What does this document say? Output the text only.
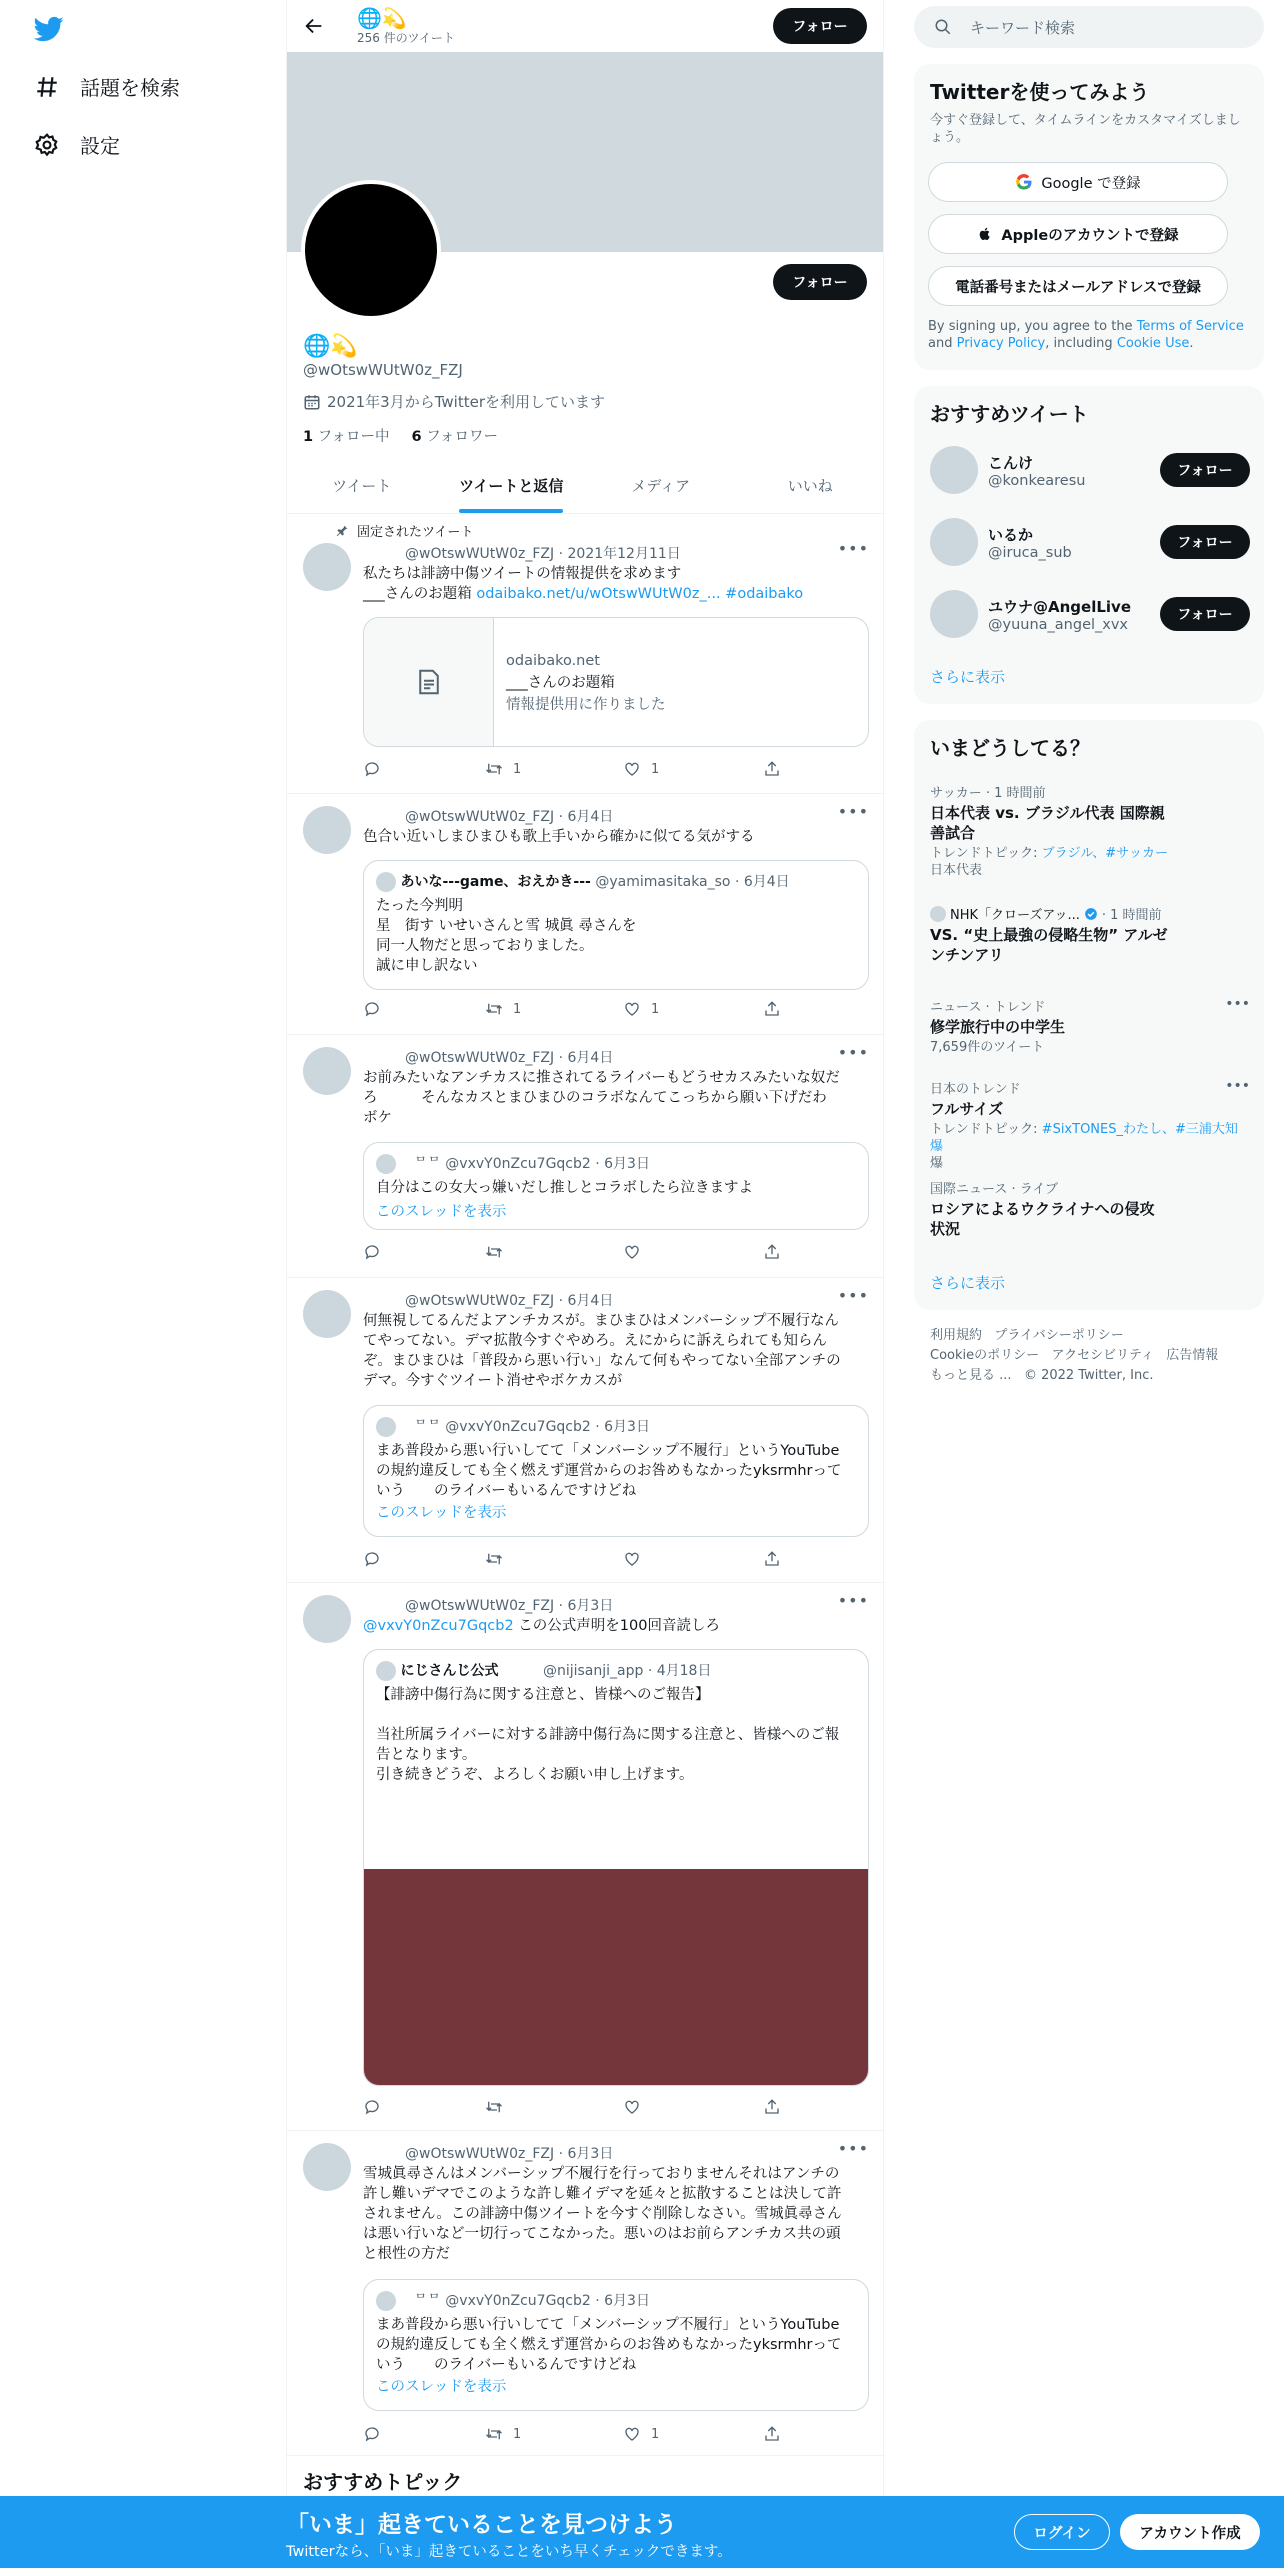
話題を検索
設定
🌐💫
256 件のツイート
フォロー
フォロー
🌐💫
@wOtswWUtW0z_FZJ
2021年3月からTwitterを利用しています
1 フォロー中 6 フォロワー
ツイート	ツイートと返信	メディア	いいね
固定されたツイート
@wOtswWUtW0z_FZJ · 2021年12月11日	•••
私たちは誹謗中傷ツイートの情報提供を求めます
___さんのお題箱 odaibako.net/u/wOtswWUtW0z_... #odaibako
odaibako.net
___さんのお題箱
情報提供用に作りました
1	1
@wOtswWUtW0z_FZJ · 6月4日	•••
色合い近いしまひまひも歌上手いから確かに似てる気がする
あいな---game、おえかき--- @yamimasitaka_so · 6月4日
たった今判明
星　街す いせいさんと雪 城眞 尋さんを
同一人物だと思っておりました。
誠に申し訳ない
1	1
@wOtswWUtW0z_FZJ · 6月4日	•••
お前みたいなアンチカスに推されてるライバーもどうせカスみたいな奴だ
ろ　　　そんなカスとまひまひのコラボなんてこっちから願い下げだわ
ボケ
ᄆᄆ @vxvY0nZcu7Gqcb2 · 6月3日
自分はこの女大っ嫌いだし推しとコラボしたら泣きますよ
このスレッドを表示
@wOtswWUtW0z_FZJ · 6月4日	•••
何無視してるんだよアンチカスが。まひまひはメンバーシップ不履行なん
てやってない。デマ拡散今すぐやめろ。えにからに訴えられても知らん
ぞ。まひまひは「普段から悪い行い」なんて何もやってない全部アンチの
デマ。今すぐツイート消せやボケカスが
ᄆᄆ @vxvY0nZcu7Gqcb2 · 6月3日
まあ普段から悪い行いしてて「メンバーシップ不履行」というYouTube
の規約違反しても全く燃えず運営からのお咎めもなかったyksrmhrって
いう　　のライバーもいるんですけどね
このスレッドを表示
@wOtswWUtW0z_FZJ · 6月3日	•••
@vxvY0nZcu7Gqcb2 この公式声明を100回音読しろ
にじさんじ公式	@nijisanji_app · 4月18日
【誹謗中傷行為に関する注意と、皆様へのご報告】
当社所属ライバーに対する誹謗中傷行為に関する注意と、皆様へのご報
告となります。
引き続きどうぞ、よろしくお願い申し上げます。
@wOtswWUtW0z_FZJ · 6月3日	•••
雪城眞尋さんはメンバーシップ不履行を行っておりませんそれはアンチの
許し難いデマでこのような許し難イデマを延々と拡散することは決して許
されません。この誹謗中傷ツイートを今すぐ削除しなさい。雪城眞尋さん
は悪い行いなど一切行ってこなかった。悪いのはお前らアンチカス共の頭
と根性の方だ
ᄆᄆ @vxvY0nZcu7Gqcb2 · 6月3日
まあ普段から悪い行いしてて「メンバーシップ不履行」というYouTube
の規約違反しても全く燃えず運営からのお咎めもなかったyksrmhrって
いう　　のライバーもいるんですけどね
このスレッドを表示
1	1
おすすめトピック
キーワード検索
Twitterを使ってみよう
今すぐ登録して、タイムラインをカスタマイズしましょう。
Google で登録
Appleのアカウントで登録
電話番号またはメールアドレスで登録
By signing up, you agree to the Terms of Service and Privacy Policy, including Cookie Use.
おすすめツイート
こんけ
@konkearesu
フォロー
いるか
@iruca_sub
フォロー
ユウナ@AngelLive
@yuuna_angel_xvx
フォロー
さらに表示
いまどうしてる？
サッカー · 1 時間前
日本代表 vs. ブラジル代表 国際親
善試合
トレンドトピック: ブラジル、#サッカー
日本代表
NHK「クローズアッ... · 1 時間前
VS. “史上最強の侵略生物” アルゼ
ンチンアリ
ニュース · トレンド
修学旅行中の中学生
7,659件のツイート
•••
日本のトレンド
フルサイズ
トレンドトピック: #SixTONES_わたし、#三浦大知爆
爆
•••
国際ニュース · ライブ
ロシアによるウクライナへの侵攻
状況
さらに表示
利用規約 プライバシーポリシー
Cookieのポリシー アクセシビリティ 広告情報
もっと見る ... © 2022 Twitter, Inc.
「いま」起きていることを見つけよう
Twitterなら、「いま」起きていることをいち早くチェックできます。
ログイン	アカウント作成
